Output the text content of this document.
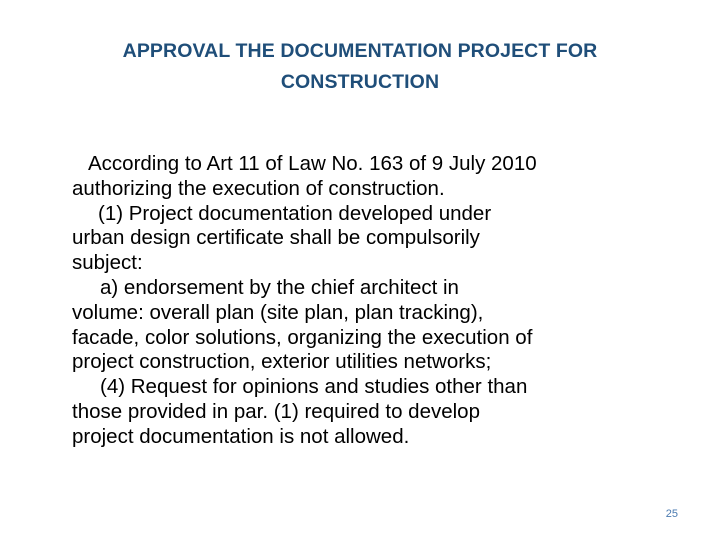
APPROVAL THE DOCUMENTATION PROJECT FOR
CONSTRUCTION
According to Art 11 of Law No. 163 of 9 July 2010
authorizing the execution of construction.
(1) Project documentation developed under
urban design certificate shall be compulsorily
subject:
a) endorsement by the chief architect in
volume: overall plan (site plan, plan tracking),
facade, color solutions, organizing the execution of
project construction, exterior utilities networks;
(4) Request for opinions and studies other than
those provided in par. (1) required to develop
project documentation is not allowed.
25
